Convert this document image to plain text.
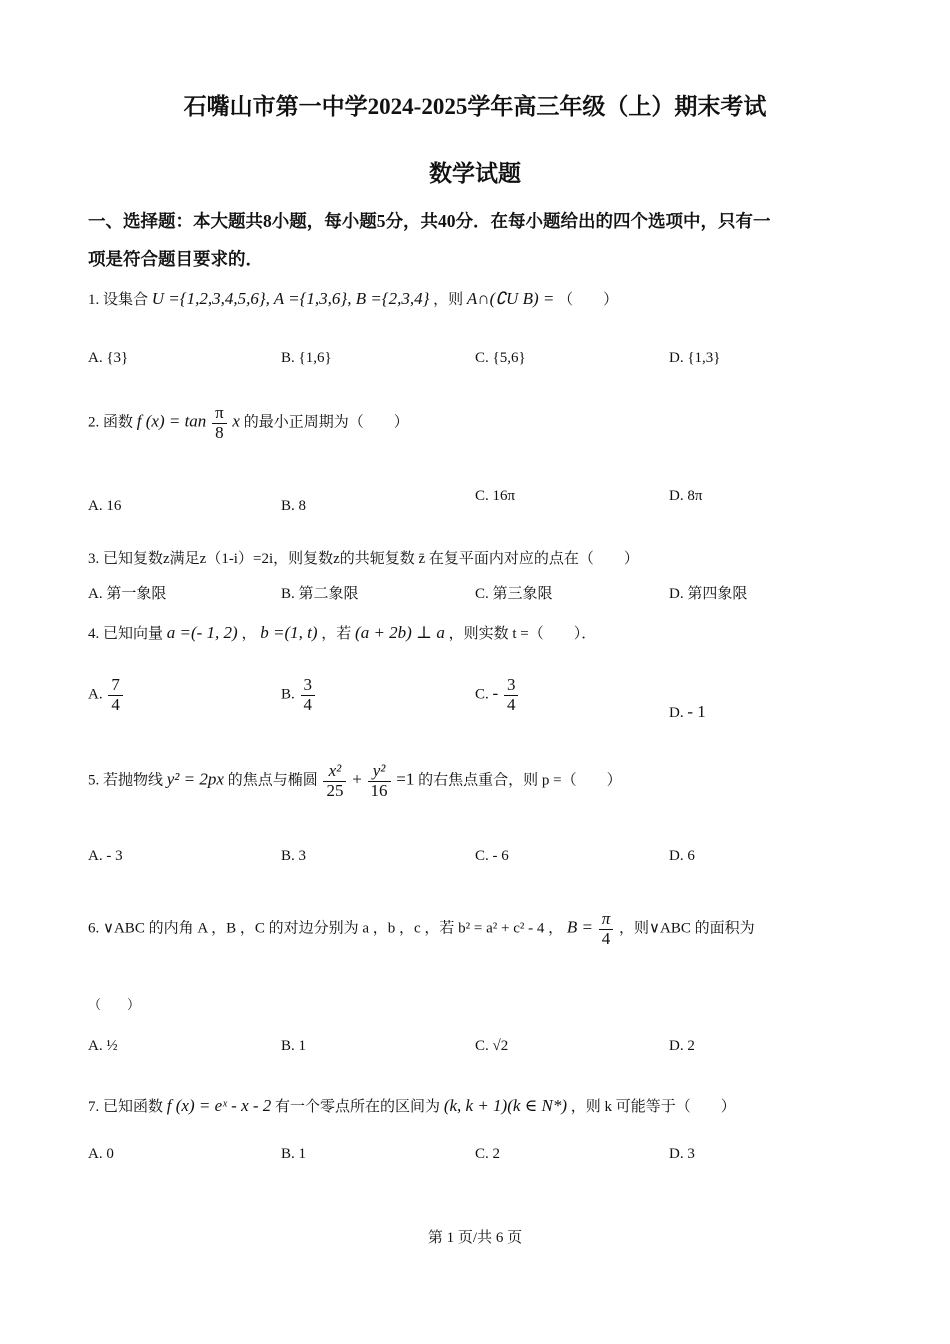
石嘴山市第一中学2024-2025学年高三年级（上）期末考试
数学试题
一、选择题：本大题共8小题，每小题5分，共40分．在每小题给出的四个选项中，只有一
项是符合题目要求的．
1. 设集合 U ={1,2,3,4,5,6}, A ={1,3,6}, B ={2,3,4} ，则 A∩(∁U B) = （　　）
A. {3}	B. {1,6}	C. {5,6}	D. {1,3}
2. 函数 f $(x) = \tan \frac{\pi}{8}$ x 的最小正周期为（　　）
A. 16	B. 8
C. 16π	D. 8π
3. 已知复数z满足z（1-i）=2i，则复数z的共轭复数 z̄ 在复平面内对应的点在（　　）
A. 第一象限	B. 第二象限	C. 第三象限	D. 第四象限
4. 已知向量 a =(- 1, 2) ， b =(1, t) ，若 (a + 2b) ⊥ a ，则实数 t =（　　）．
A. $\frac{7}{4}$	B. $\frac{3}{4}$	C. - $\frac{3}{4}$	D. - 1
5. 若抛物线 y² = 2px 的焦点与椭圆 $\frac{\text{x²}}{25} + \frac{\text{y²}}{16} =1$ 的右焦点重合，则 p =（　　）
A. - 3	B. 3	C. - 6	D. 6
6. ∨ABC 的内角 A ，B ，C 的对边分别为 a ，b ，c ，若 b² = a² + c² - 4 ， $B = \frac{\pi}{4}$ ，则∨ABC 的面积为
（　　）
A. ½	B. 1	C. √2	D. 2
7. 已知函数 f (x) = eˣ - x - 2 有一个零点所在的区间为 (k, k + 1)(k ∈ N*) ，则 k 可能等于（　　）
A. 0	B. 1	C. 2	D. 3
第 1 页/共 6 页
